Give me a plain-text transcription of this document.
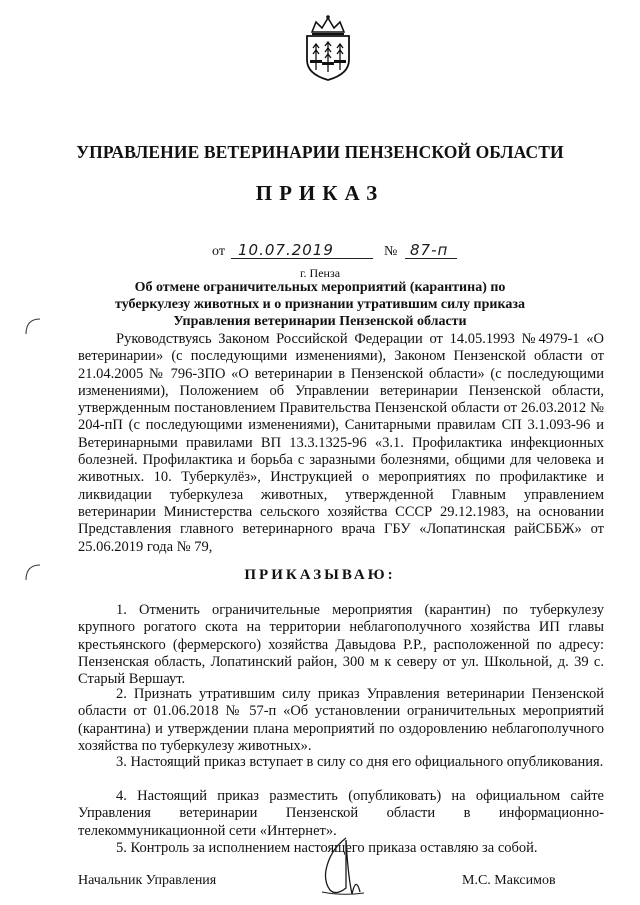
УПРАВЛЕНИЕ ВЕТЕРИНАРИИ ПЕНЗЕНСКОЙ ОБЛАСТИ
ПРИКАЗ
от 10.07.2019	№ 87-п
г. Пенза
Об отмене ограничительных мероприятий (карантина) по туберкулезу животных и о признании утратившим силу приказа Управления ветеринарии Пензенской области

Руководствуясь Законом Российской Федерации от 14.05.1993 №4979-1 «О ветеринарии» (с последующими изменениями), Законом Пензенской области от 21.04.2005 № 796-ЗПО «О ветеринарии в Пензенской области» (с последующими изменениями), Положением об Управлении ветеринарии Пензенской области, утвержденным постановлением Правительства Пензенской области от 26.03.2012 № 204-пП (с последующими изменениями), Санитарными правилам СП 3.1.093-96 и Ветеринарными правилами ВП 13.3.1325-96 «3.1. Профилактика инфекционных болезней. Профилактика и борьба с заразными болезнями, общими для человека и животных. 10. Туберкулёз», Инструкцией о мероприятиях по профилактике и ликвидации туберкулеза животных, утвержденной Главным управлением ветеринарии Министерства сельского хозяйства СССР 29.12.1983, на основании Представления главного ветеринарного врача ГБУ «Лопатинская райСББЖ» от 25.06.2019 года № 79,

ПРИКАЗЫВАЮ:

1. Отменить ограничительные мероприятия (карантин) по туберкулезу крупного рогатого скота на территории неблагополучного хозяйства ИП главы крестьянского (фермерского) хозяйства Давыдова Р.Р., расположенной по адресу: Пензенская область, Лопатинский район, 300 м к северу от ул. Школьной, д. 39 с. Старый Вершаут.

2. Признать утратившим силу приказ Управления ветеринарии Пензенской области от 01.06.2018 № 57-п «Об установлении ограничительных мероприятий (карантина) и утверждении плана мероприятий по оздоровлению неблагополучного хозяйства по туберкулезу животных».

3. Настоящий приказ вступает в силу со дня его официального опубликования.

4. Настоящий приказ разместить (опубликовать) на официальном сайте Управления ветеринарии Пензенской области в информационно-телекоммуникационной сети «Интернет».

5. Контроль за исполнением настоящего приказа оставляю за собой.

Начальник Управления	М.С. Максимов
